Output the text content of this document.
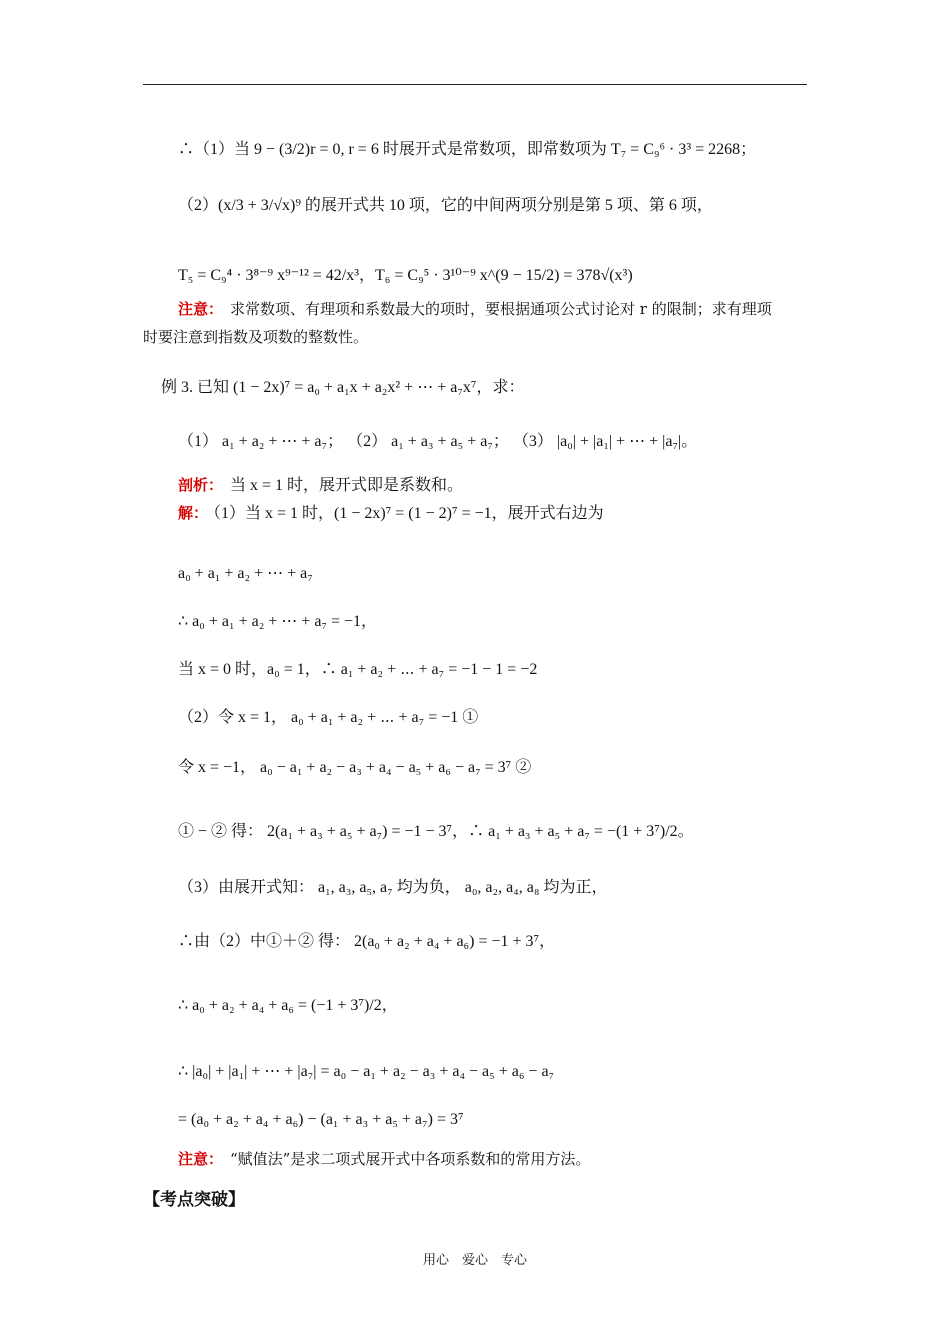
∴（1）当 9 − (3/2)r = 0, r = 6 时展开式是常数项，即常数项为 T₇ = C₉⁶ · 3³ = 2268；
（2）(x/3 + 3/√x)⁹ 的展开式共 10 项，它的中间两项分别是第 5 项、第 6 项，
T₅ = C₉⁴ · 3⁸⁻⁹ x⁹⁻¹² = 42/x³，T₆ = C₉⁵ · 3¹⁰⁻⁹ x^(9 − 15/2) = 378√(x³)
注意： 求常数项、有理项和系数最大的项时，要根据通项公式讨论对 r 的限制；求有理项
时要注意到指数及项数的整数性。
例 3. 已知 (1 − 2x)⁷ = a₀ + a₁x + a₂x² + ⋯ + a₇x⁷，求：
（1） a₁ + a₂ + ⋯ + a₇； （2） a₁ + a₃ + a₅ + a₇； （3） |a₀| + |a₁| + ⋯ + |a₇|。
剖析： 当 x = 1 时，展开式即是系数和。
解：
（1）当 x = 1 时，(1 − 2x)⁷ = (1 − 2)⁷ = −1，展开式右边为
a₀ + a₁ + a₂ + ⋯ + a₇
∴ a₀ + a₁ + a₂ + ⋯ + a₇ = −1，
当 x = 0 时，a₀ = 1，∴ a₁ + a₂ + ⋯ + a₇ = −1 − 1 = −2
（2）令 x = 1， a₀ + a₁ + a₂ + ⋯ + a₇ = −1 ①
令 x = −1， a₀ − a₁ + a₂ − a₃ + a₄ − a₅ + a₆ − a₇ = 3⁷ ②
① − ② 得： 2(a₁ + a₃ + a₅ + a₇) = −1 − 3⁷，∴ a₁ + a₃ + a₅ + a₇ = −(1 + 3⁷)/2。
（3）由展开式知： a₁, a₃, a₅, a₇ 均为负， a₀, a₂, a₄, a₈ 均为正，
∴由（2）中①＋② 得： 2(a₀ + a₂ + a₄ + a₆) = −1 + 3⁷，
∴ a₀ + a₂ + a₄ + a₆ = (−1 + 3⁷)/2，
∴ |a₀| + |a₁| + ⋯ + |a₇| = a₀ − a₁ + a₂ − a₃ + a₄ − a₅ + a₆ − a₇
= (a₀ + a₂ + a₄ + a₆) − (a₁ + a₃ + a₅ + a₇) = 3⁷
注意： “赋值法”是求二项式展开式中各项系数和的常用方法。
【考点突破】
用心　爱心　专心
